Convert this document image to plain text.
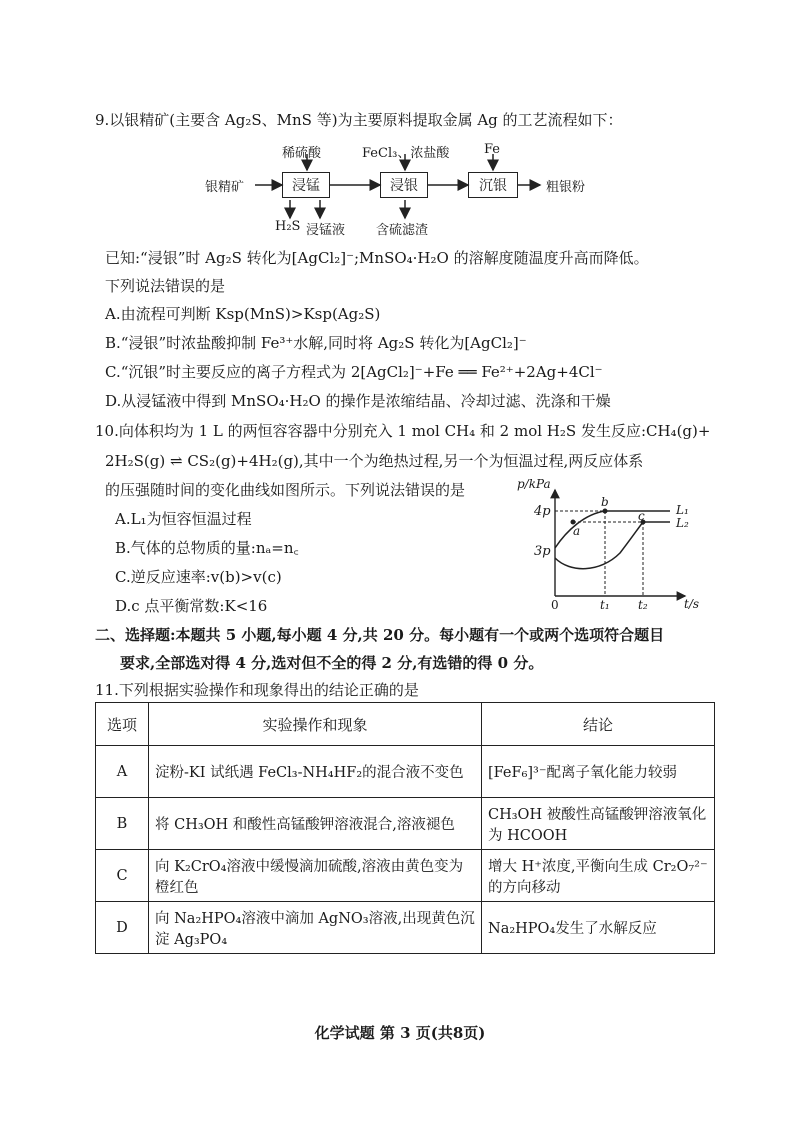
9.以银精矿(主要含 Ag₂S、MnS 等)为主要原料提取金属 Ag 的工艺流程如下：
稀硫酸	FeCl₃、浓盐酸	Fe
银精矿	浸锰	浸银	沉银	粗银粉
H₂S 浸锰液 含硫滤渣
已知:“浸银”时 Ag₂S 转化为[AgCl₂]⁻;MnSO₄·H₂O 的溶解度随温度升高而降低。
下列说法错误的是
A.由流程可判断 Ksp(MnS)>Ksp(Ag₂S)
B.“浸银”时浓盐酸抑制 Fe³⁺水解,同时将 Ag₂S 转化为[AgCl₂]⁻
C.“沉银”时主要反应的离子方程式为 2[AgCl₂]⁻+Fe ══ Fe²⁺+2Ag+4Cl⁻
D.从浸锰液中得到 MnSO₄·H₂O 的操作是浓缩结晶、冷却过滤、洗涤和干燥
10.向体积均为 1 L 的两恒容容器中分别充入 1 mol CH₄ 和 2 mol H₂S 发生反应:CH₄(g)+
2H₂S(g) ⇌ CS₂(g)+4H₂(g),其中一个为绝热过程,另一个为恒温过程,两反应体系
的压强随时间的变化曲线如图所示。下列说法错误的是
A.L₁为恒容恒温过程
B.气体的总物质的量:nₐ=n꜀
C.逆反应速率:v(b)>v(c)
D.c 点平衡常数:K<16
p/kPa
4p
3p
0	t₁ t₂	t/s
L₁
L₂
a
b
c
二、选择题:本题共 5 小题,每小题 4 分,共 20 分。每小题有一个或两个选项符合题目
要求,全部选对得 4 分,选对但不全的得 2 分,有选错的得 0 分。
11.下列根据实验操作和现象得出的结论正确的是
选项	实验操作和现象	结论
A	淀粉-KI 试纸遇 FeCl₃-NH₄HF₂的混合液不变色	[FeF₆]³⁻配离子氧化能力较弱
B	将 CH₃OH 和酸性高锰酸钾溶液混合,溶液褪色	CH₃OH 被酸性高锰酸钾溶液氧化为 HCOOH
C	向 K₂CrO₄溶液中缓慢滴加硫酸,溶液由黄色变为橙红色	增大 H⁺浓度,平衡向生成 Cr₂O₇²⁻的方向移动
D	向 Na₂HPO₄溶液中滴加 AgNO₃溶液,出现黄色沉淀 Ag₃PO₄	Na₂HPO₄发生了水解反应
化学试题 第 3 页(共8页)
